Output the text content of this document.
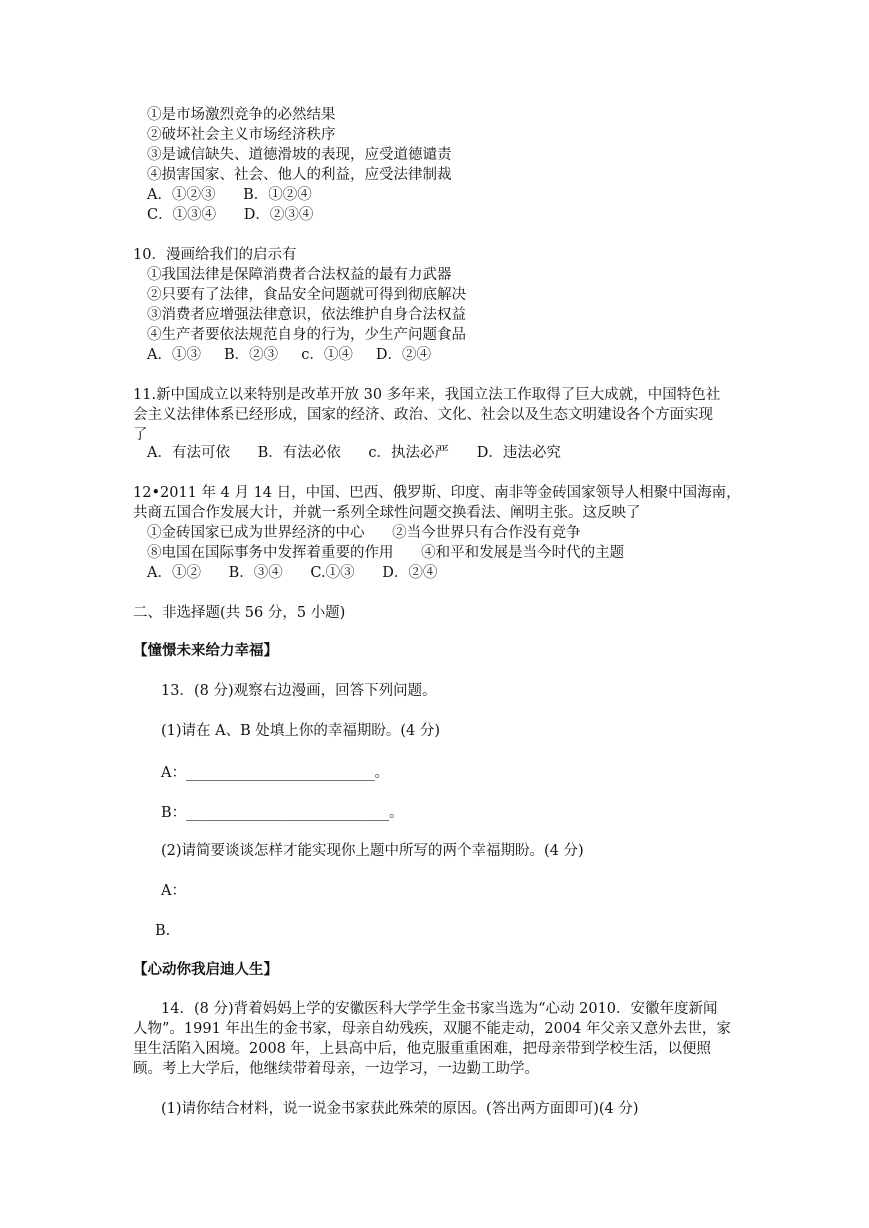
①是市场激烈竞争的必然结果
②破坏社会主义市场经济秩序
③是诚信缺失、道德滑坡的表现，应受道德谴责
④损害国家、社会、他人的利益，应受法律制裁
A．①②③      B．①②④
C．①③④      D．②③④
10．漫画给我们的启示有
①我国法律是保障消费者合法权益的最有力武器
②只要有了法律，食品安全问题就可得到彻底解决
③消费者应增强法律意识，依法维护自身合法权益
④生产者要依法规范自身的行为，少生产问题食品
A．①③     B．②③     c．①④     D．②④
11.新中国成立以来特别是改革开放 30 多年来，我国立法工作取得了巨大成就，中国特色社
会主义法律体系已经形成，国家的经济、政治、文化、社会以及生态文明建设各个方面实现
了
A．有法可依      B．有法必依      c．执法必严      D．违法必究
12•2011 年 4 月 14 日，中国、巴西、俄罗斯、印度、南非等金砖国家领导人相聚中国海南，
共商五国合作发展大计，并就一系列全球性问题交换看法、阐明主张。这反映了
①金砖国家已成为世界经济的中心      ②当今世界只有合作没有竞争
⑧电国在国际事务中发挥着重要的作用      ④和平和发展是当今时代的主题
A．①②      B．③④      C.①③      D．②④
二、非选择题(共 56 分，5 小题)
【憧憬未来给力幸福】
13．(8 分)观察右边漫画，回答下列问题。
(1)请在 A、B 处填上你的幸福期盼。(4 分)
A：__________________________。
B：____________________________。
(2)请简要谈谈怎样才能实现你上题中所写的两个幸福期盼。(4 分)
A：
B.
【心动你我启迪人生】
14．(8 分)背着妈妈上学的安徽医科大学学生金书家当选为“心动 2010．安徽年度新闻
人物”。1991 年出生的金书家，母亲自幼残疾，双腿不能走动，2004 年父亲又意外去世，家
里生活陷入困境。2008 年，上县高中后，他克服重重困难，把母亲带到学校生活，以便照
顾。考上大学后，他继续带着母亲，一边学习，一边勤工助学。
(1)请你结合材料，说一说金书家获此殊荣的原因。(答出两方面即可)(4 分)
